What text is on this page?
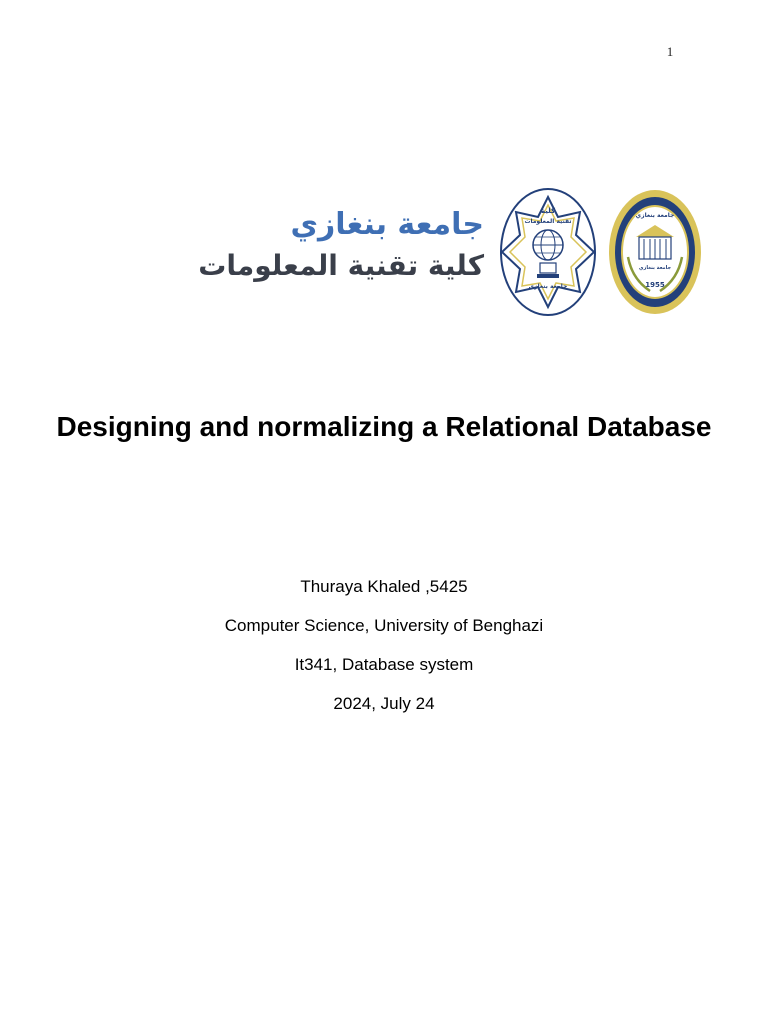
1
جامعة بنغازي
كلية تقنية المعلومات
كلية
تقنية المعلومات
جامعة بنغازي
جامعة بنغازي
جامعة بنغازي
1955
Designing and normalizing a Relational Database
Thuraya Khaled ,5425
Computer Science, University of Benghazi
It341, Database system
2024, July 24
